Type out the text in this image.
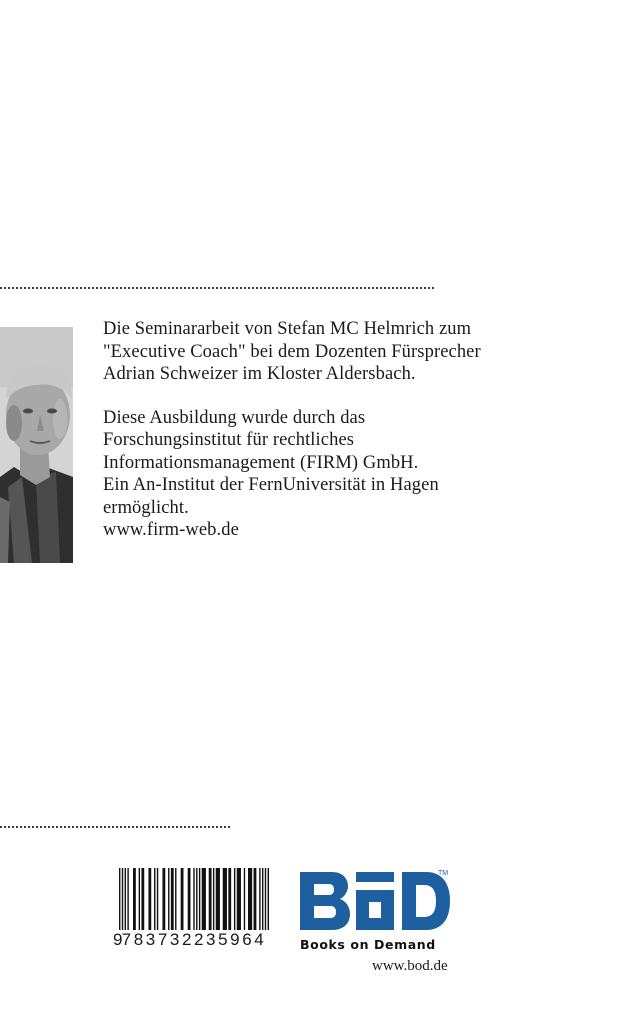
Die Seminararbeit von Stefan MC Helmrich zum
"Executive Coach" bei dem Dozenten Fürsprecher
Adrian Schweizer im Kloster Aldersbach.

Diese Ausbildung wurde durch das
Forschungsinstitut für rechtliches
Informationsmanagement (FIRM) GmbH.
Ein An-Institut der FernUniversität in Hagen
ermöglicht.
www.firm-web.de

9
783732235964
TM
Books on Demand
www.bod.de
